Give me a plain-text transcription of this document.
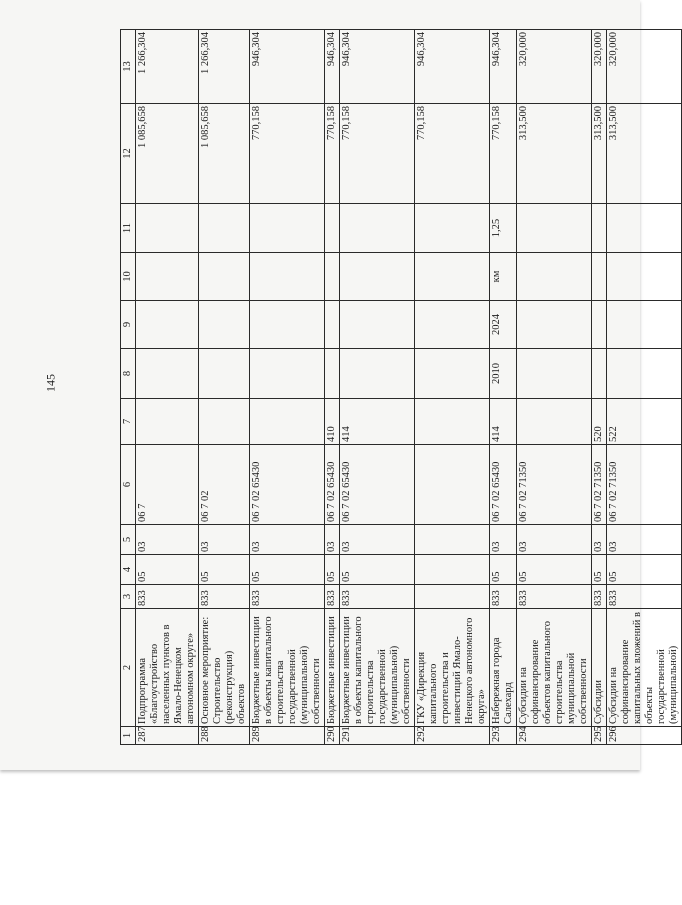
145
1	2	3	4	5	6	7	8	9	10	11	12	13
287	Подпрограмма «Благоустройство населенных пунктов в Ямало-Ненецком автономном округе»	833	05	03	06 7						1 085,658	1 266,304
288	Основное мероприятие: Строительство (реконструкция) объектов	833	05	03	06 7 02						1 085,658	1 266,304
289	Бюджетные инвестиции в объекты капитального строительства государственной (муниципальной) собственности	833	05	03	06 7 02 65430						770,158	946,304
290	Бюджетные инвестиции	833	05	03	06 7 02 65430	410					770,158	946,304
291	Бюджетные инвестиции в объекты капитального строительства государственной (муниципальной) собственности	833	05	03	06 7 02 65430	414					770,158	946,304
292	ГКУ «Дирекция капитального строительства и инвестиций Ямало-Ненецкого автономного округа»										770,158	946,304
293	Набережная города Салехард	833	05	03	06 7 02 65430	414	2010	2024	км	1,25	770,158	946,304
294	Субсидии на софинансирование объектов капитального строительства муниципальной собственности	833	05	03	06 7 02 71350						313,500	320,000
295	Субсидии	833	05	03	06 7 02 71350	520					313,500	320,000
296	Субсидии на софинансирование капитальных вложений в объекты государственной (муниципальной)	833	05	03	06 7 02 71350	522					313,500	320,000
